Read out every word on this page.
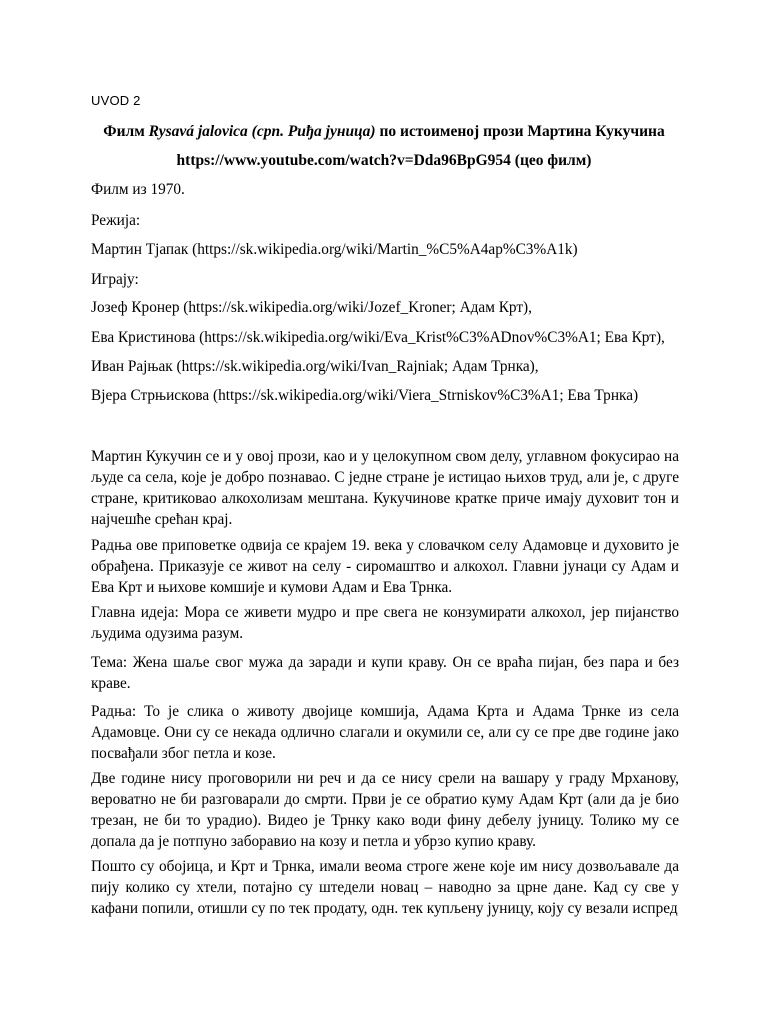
UVOD 2
Филм Rysavá jalovica (срп. Риђа јуница) по истоименој прози Мартина Кукучина
https://www.youtube.com/watch?v=Dda96BpG954 (цео филм)
Филм из 1970.
Режија:
Мартин Тјапак (https://sk.wikipedia.org/wiki/Martin_%C5%A4ap%C3%A1k)
Играју:
Јозеф Кронер (https://sk.wikipedia.org/wiki/Jozef_Kroner; Адам Крт),
Ева Кристинова (https://sk.wikipedia.org/wiki/Eva_Krist%C3%ADnov%C3%A1; Ева Крт),
Иван Рајњак (https://sk.wikipedia.org/wiki/Ivan_Rajniak; Адам Трнка),
Вјера Стрњискова (https://sk.wikipedia.org/wiki/Viera_Strniskov%C3%A1; Ева Трнка)

Мартин Кукучин се и у овој прози, као и у целокупном свом делу, углавном фокусирао на људе са села, које је добро познавао. С једне стране је истицао њихов труд, али је, с друге стране, критиковао алкохолизам мештана. Кукучинове кратке приче имају духовит тон и најчешће срећан крај.

Радња ове приповетке одвија се крајем 19. века у словачком селу Адамовце и духовито је обрађена. Приказује се живот на селу - сиромаштво и алкохол. Главни јунаци су Адам и Ева Крт и њихове комшије и кумови Адам и Ева Трнка.

Главна идеја: Мора се живети мудро и пре свега не конзумирати алкохол, јер пијанство људима одузима разум.

Тема: Жена шаље свог мужа да заради и купи краву. Он се враћа пијан, без пара и без краве.

Радња: То је слика о животу двојице комшија, Адама Крта и Адама Трнке из села Адамовце. Они су се некада одлично слагали и окумили се, али су се пре две године јако посвађали због петла и козе.

Две године нису проговорили ни реч и да се нису срели на вашару у граду Мрханову, вероватно не би разговарали до смрти. Први је се обратио куму Адам Крт (али да је био трезан, не би то урадио). Видео је Трнку како води фину дебелу јуницу. Толико му се допала да је потпуно заборавио на козу и петла и убрзо купио краву.

Пошто су обојица, и Крт и Трнка, имали веома строге жене које им нису дозвољавале да пију колико су хтели, потајно су штедели новац – наводно за црне дане. Кад су све у кафани попили, отишли су по тек продату, одн. тек купљену јуницу, коју су везали испред
